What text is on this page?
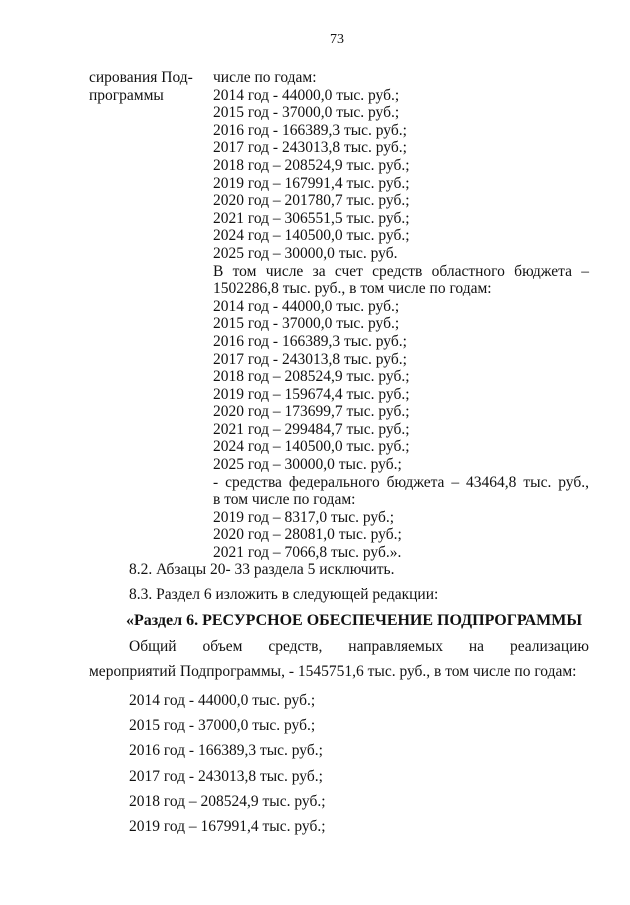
73
сирования Под-
программы
числе по годам:
2014 год - 44000,0 тыс. руб.;
2015 год - 37000,0 тыс. руб.;
2016 год - 166389,3 тыс. руб.;
2017 год - 243013,8 тыс. руб.;
2018 год – 208524,9 тыс. руб.;
2019 год – 167991,4 тыс. руб.;
2020 год – 201780,7 тыс. руб.;
2021 год – 306551,5 тыс. руб.;
2024 год – 140500,0 тыс. руб.;
2025 год – 30000,0 тыс. руб.
В том числе за счет средств областного бюджета –
1502286,8 тыс. руб., в том числе по годам:
2014 год - 44000,0 тыс. руб.;
2015 год - 37000,0 тыс. руб.;
2016 год - 166389,3 тыс. руб.;
2017 год - 243013,8 тыс. руб.;
2018 год – 208524,9 тыс. руб.;
2019 год – 159674,4 тыс. руб.;
2020 год – 173699,7 тыс. руб.;
2021 год – 299484,7 тыс. руб.;
2024 год – 140500,0 тыс. руб.;
2025 год – 30000,0 тыс. руб.;
- средства федерального бюджета – 43464,8 тыс. руб.,
в том числе по годам:
2019 год – 8317,0 тыс. руб.;
2020 год – 28081,0 тыс. руб.;
2021 год – 7066,8 тыс. руб.».
8.2. Абзацы 20- 33 раздела 5 исключить.
8.3. Раздел 6 изложить в следующей редакции:
«Раздел 6. РЕСУРСНОЕ ОБЕСПЕЧЕНИЕ ПОДПРОГРАММЫ
Общий объем средств, направляемых на реализацию
мероприятий Подпрограммы, - 1545751,6 тыс. руб., в том числе по годам:
2014 год - 44000,0 тыс. руб.;
2015 год - 37000,0 тыс. руб.;
2016 год - 166389,3 тыс. руб.;
2017 год - 243013,8 тыс. руб.;
2018 год – 208524,9 тыс. руб.;
2019 год – 167991,4 тыс. руб.;
